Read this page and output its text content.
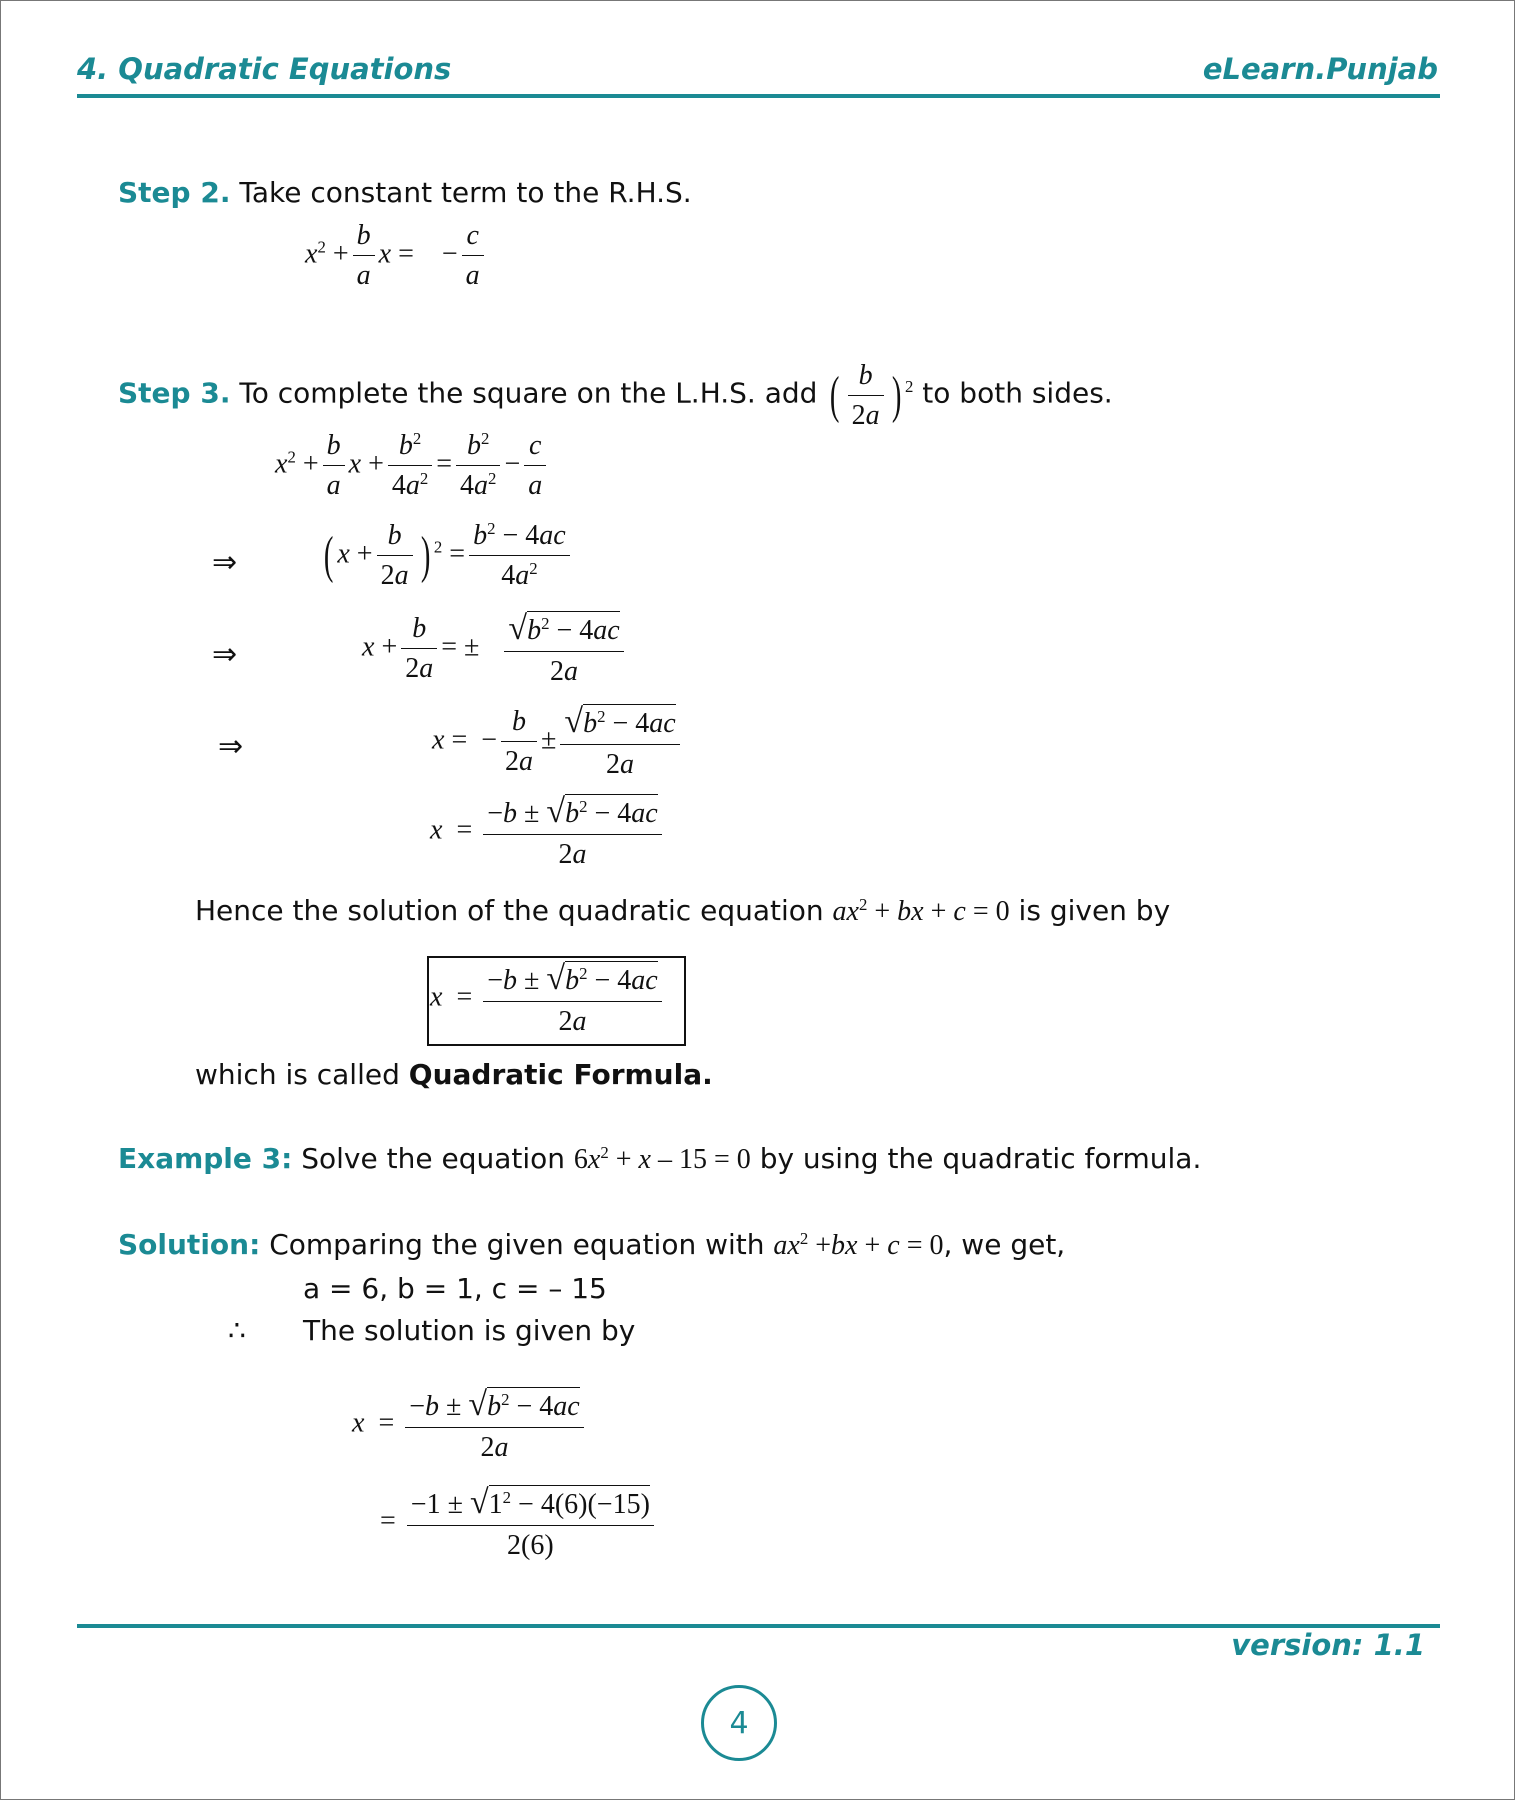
4. Quadratic Equations	eLearn.Punjab
Step 2. Take constant term to the R.H.S.
$x^2 + \frac{b}{a}$ x = − $\frac{c}{a}$
Step 3. To complete the square on the L.H.S. add ( $\frac{b}{2a}$ ) $^2$ to both sides.
$x^2 + \frac{b}{a}$ $x + \frac{b^2}{4a^2} = \frac{b^2}{4a^2} - \frac{c}{a}$
⇒ ( $x + \frac{b}{2a}$ ) $^2 = \frac{b^2 - 4ac}{4a^2}$
⇒	$x + \frac{b}{2a}$ = ± $\frac{√b^2 - 4ac}{2a}$
⇒	x = − $\frac{b}{2a} \pm \frac{√b^2 - 4ac}{2a}$
$x = \frac{-b \pm √b^2 - 4ac}{2a}$
Hence the solution of the quadratic equation $ax^2$ + bx + c = 0 is given by
$x = \frac{-b \pm √b^2 - 4ac}{2a}$
which is called Quadratic Formula.
Example 3: Solve the equation $6x^2 + x - 15 = 0$ by using the quadratic formula.
Solution: Comparing the given equation with $ax^2 +bx + c = 0$, we get,
a = 6, b = 1, c = – 15
∴ The solution is given by
$x = \frac{-b \pm √b^2 - 4ac}{2a}$
= $\frac{-1 \pm √1^2 - 4(6)(-15)}{2(6)}$
version: 1.1
4
